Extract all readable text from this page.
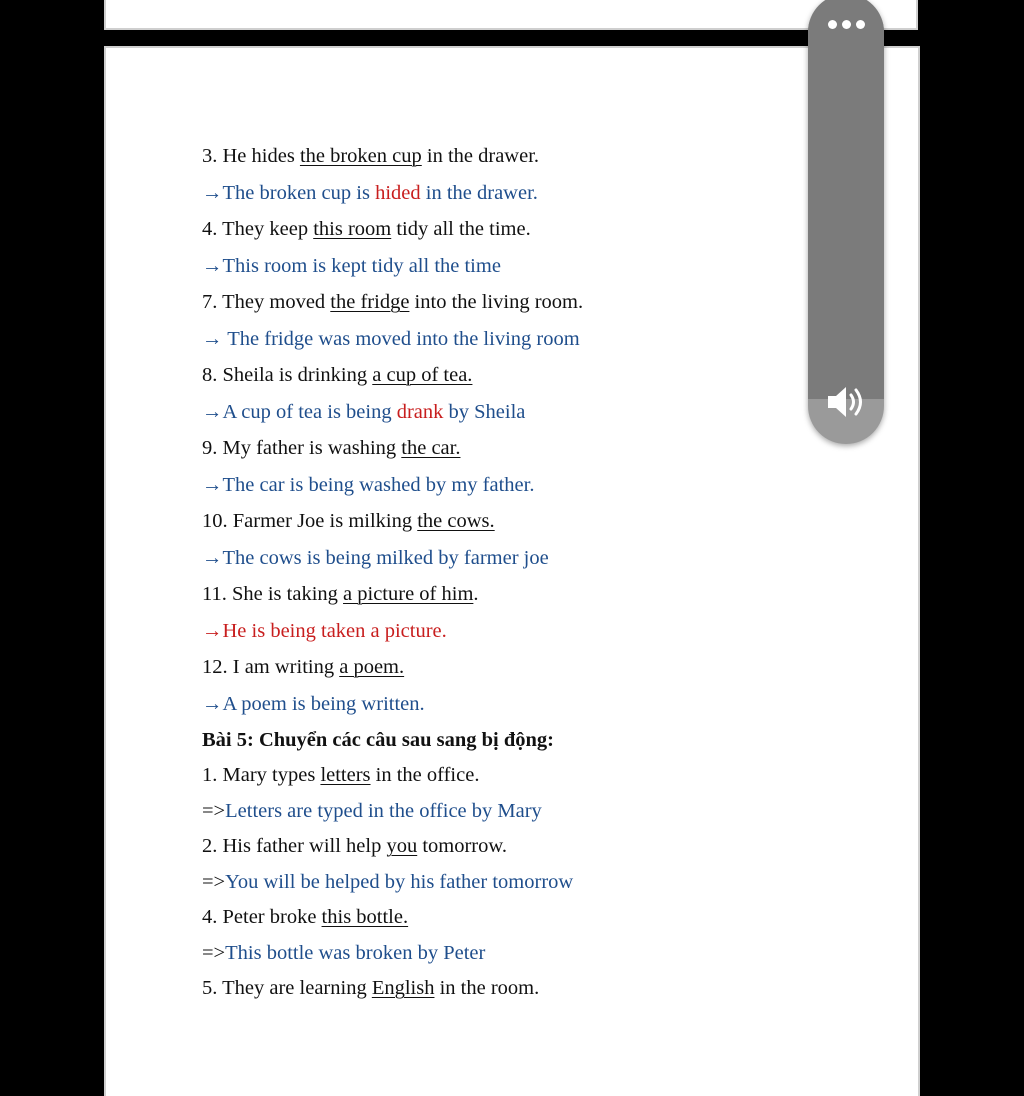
3. He hides the broken cup in the drawer.
→The broken cup is hided in the drawer.
4. They keep this room tidy all the time.
→This room is kept tidy all the time
7. They moved the fridge into the living room.
→ The fridge was moved into the living room
8. Sheila is drinking a cup of tea.
→A cup of tea is being drank by Sheila
9. My father is washing the car.
→The car is being washed by my father.
10. Farmer Joe is milking the cows.
→The cows is being milked by farmer joe
11. She is taking a picture of him.
→He is being taken a picture.
12. I am writing a poem.
→A poem is being written.
Bài 5: Chuyển các câu sau sang bị động:
1. Mary types letters in the office.
=>Letters are typed in the office by Mary
2. His father will help you tomorrow.
=>You will be helped by his father tomorrow
4. Peter broke this bottle.
=>This bottle was broken by Peter
5. They are learning English in the room.
